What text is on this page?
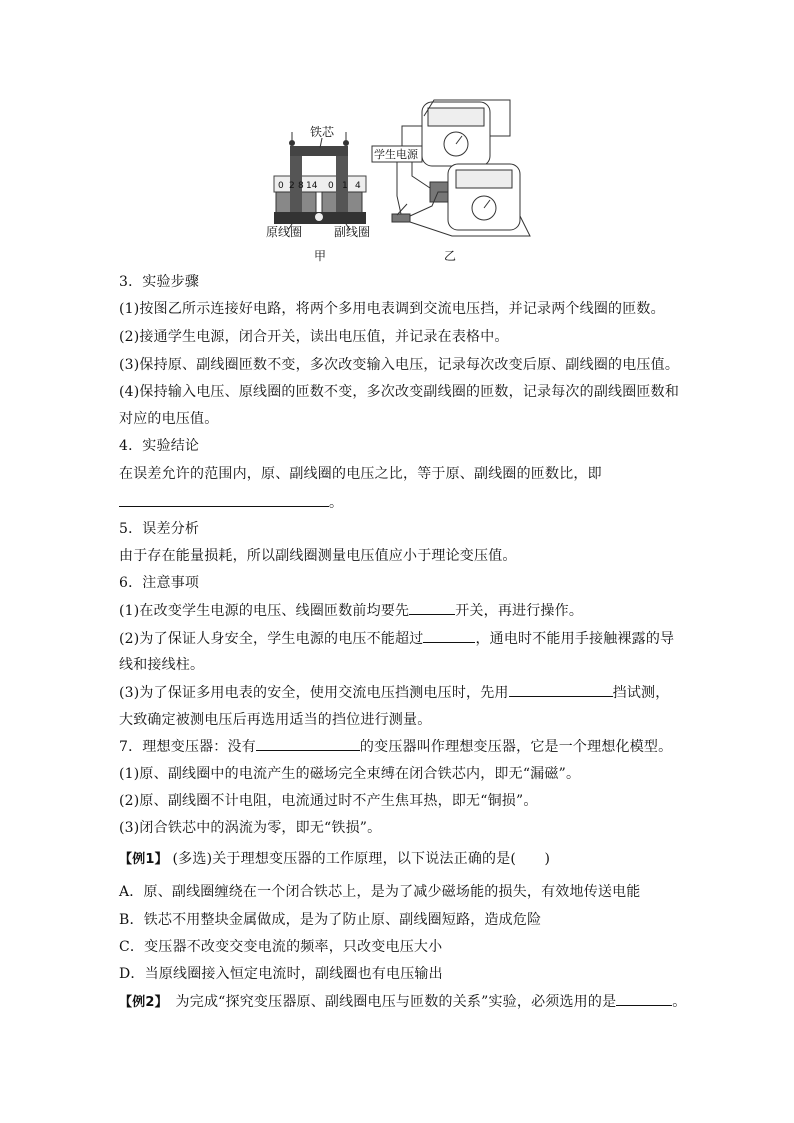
铁芯
0 2 8 14 0 1 4
原线圈	副线圈
学生电源
甲	乙
3．实验步骤
(1)按图乙所示连接好电路，将两个多用电表调到交流电压挡，并记录两个线圈的匝数。
(2)接通学生电源，闭合开关，读出电压值，并记录在表格中。
(3)保持原、副线圈匝数不变，多次改变输入电压，记录每次改变后原、副线圈的电压值。
(4)保持输入电压、原线圈的匝数不变，多次改变副线圈的匝数，记录每次的副线圈匝数和
对应的电压值。
4．实验结论
在误差允许的范围内，原、副线圈的电压之比，等于原、副线圈的匝数比，即
。
5．误差分析
由于存在能量损耗，所以副线圈测量电压值应小于理论变压值。
6．注意事项
(1)在改变学生电源的电压、线圈匝数前均要先	开关，再进行操作。
(2)为了保证人身安全，学生电源的电压不能超过	，通电时不能用手接触裸露的导
线和接线柱。
(3)为了保证多用电表的安全，使用交流电压挡测电压时，先用	挡试测，
大致确定被测电压后再选用适当的挡位进行测量。
7．理想变压器：没有	的变压器叫作理想变压器，它是一个理想化模型。
(1)原、副线圈中的电流产生的磁场完全束缚在闭合铁芯内，即无“漏磁”。
(2)原、副线圈不计电阻，电流通过时不产生焦耳热，即无“铜损”。
(3)闭合铁芯中的涡流为零，即无“铁损”。
【例1】 (多选)关于理想变压器的工作原理，以下说法正确的是(　　)
A．原、副线圈缠绕在一个闭合铁芯上，是为了减少磁场能的损失，有效地传送电能
B．铁芯不用整块金属做成，是为了防止原、副线圈短路，造成危险
C．变压器不改变交变电流的频率，只改变电压大小
D．当原线圈接入恒定电流时，副线圈也有电压输出
【例2】　为完成“探究变压器原、副线圈电压与匝数的关系”实验，必须选用的是	。
